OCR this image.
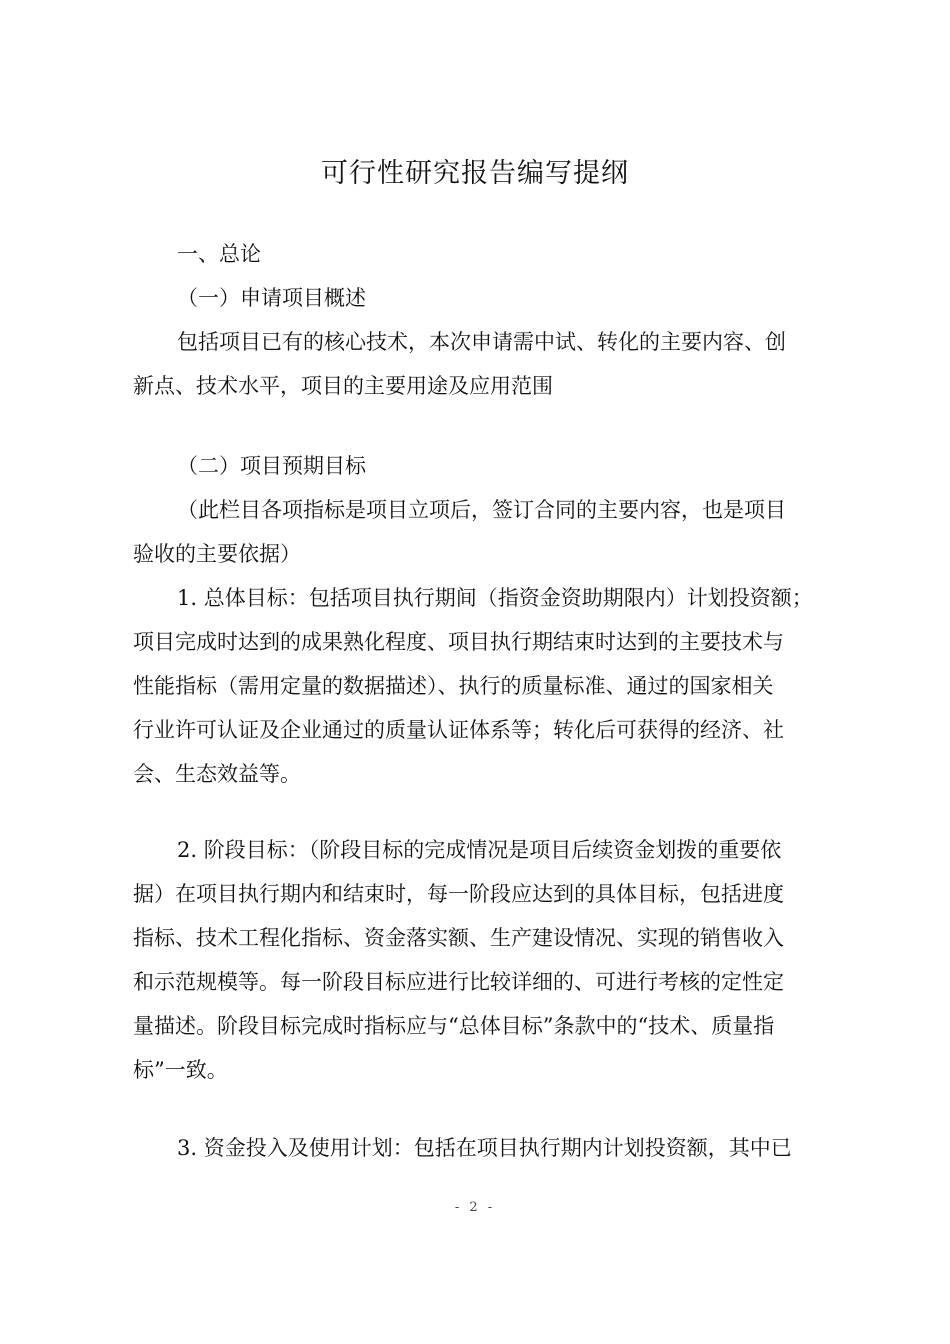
可行性研究报告编写提纲
一、总论
（一）申请项目概述
包括项目已有的核心技术，本次申请需中试、转化的主要内容、创
新点、技术水平，项目的主要用途及应用范围
（二）项目预期目标
（此栏目各项指标是项目立项后，签订合同的主要内容，也是项目
验收的主要依据）
1. 总体目标：包括项目执行期间（指资金资助期限内）计划投资额；
项目完成时达到的成果熟化程度、项目执行期结束时达到的主要技术与
性能指标（需用定量的数据描述）、执行的质量标准、通过的国家相关
行业许可认证及企业通过的质量认证体系等；转化后可获得的经济、社
会、生态效益等。
2. 阶段目标：（阶段目标的完成情况是项目后续资金划拨的重要依
据）在项目执行期内和结束时，每一阶段应达到的具体目标，包括进度
指标、技术工程化指标、资金落实额、生产建设情况、实现的销售收入
和示范规模等。每一阶段目标应进行比较详细的、可进行考核的定性定
量描述。阶段目标完成时指标应与“总体目标”条款中的“技术、质量指
标”一致。
3. 资金投入及使用计划：包括在项目执行期内计划投资额，其中已
- 2 -
